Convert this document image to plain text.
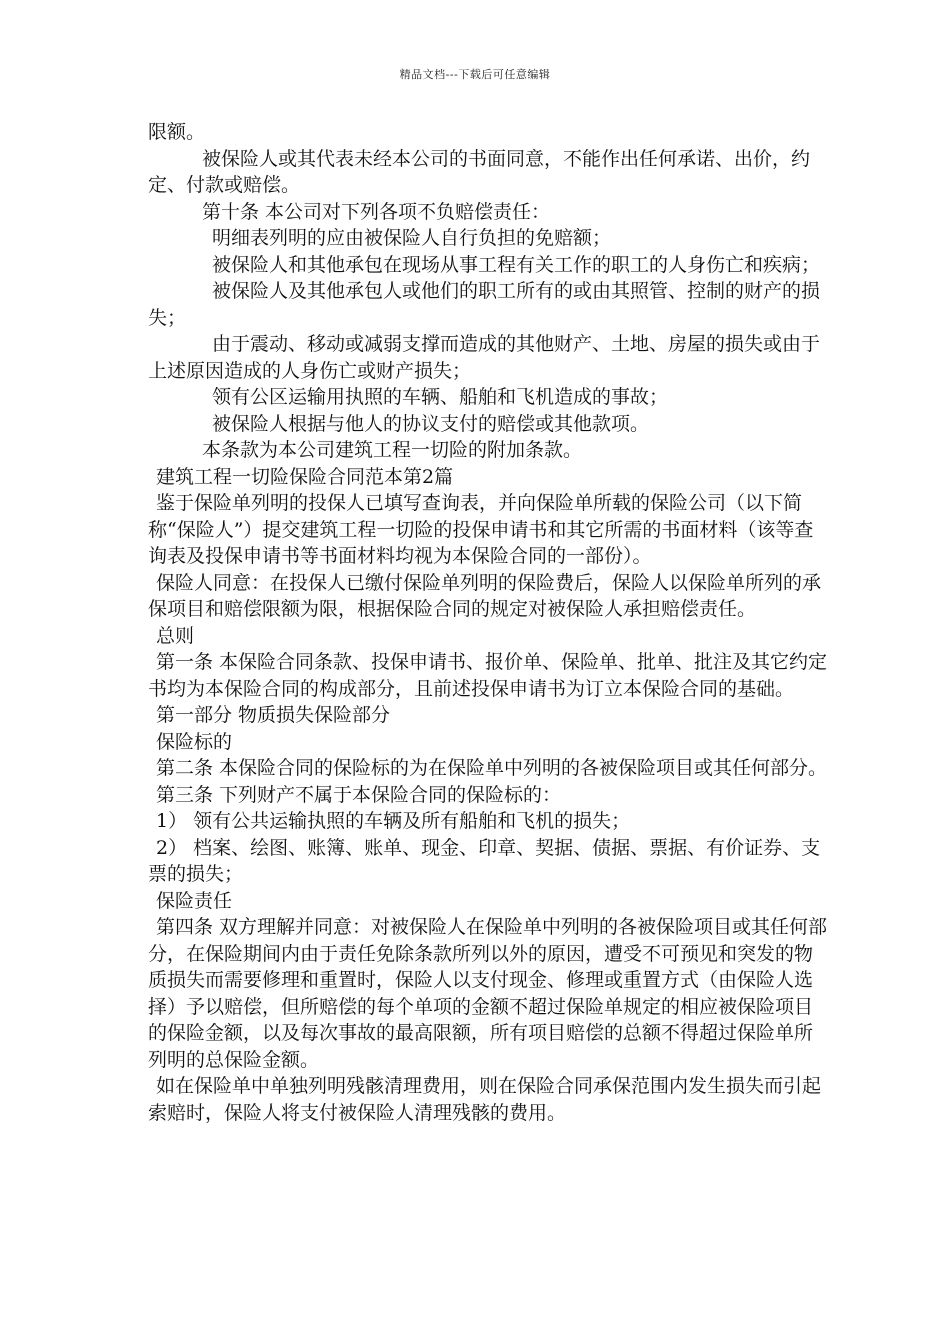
精品文档---下载后可任意编辑

限额。

被保险人或其代表未经本公司的书面同意，不能作出任何承诺、出价，约定、付款或赔偿。

第十条 本公司对下列各项不负赔偿责任：

明细表列明的应由被保险人自行负担的免赔额；

被保险人和其他承包在现场从事工程有关工作的职工的人身伤亡和疾病；

被保险人及其他承包人或他们的职工所有的或由其照管、控制的财产的损失；

由于震动、移动或减弱支撑而造成的其他财产、土地、房屋的损失或由于上述原因造成的人身伤亡或财产损失；

领有公区运输用执照的车辆、船舶和飞机造成的事故；

被保险人根据与他人的协议支付的赔偿或其他款项。

本条款为本公司建筑工程一切险的附加条款。

建筑工程一切险保险合同范本第2篇

鉴于保险单列明的投保人已填写查询表，并向保险单所载的保险公司（以下简称“保险人”）提交建筑工程一切险的投保申请书和其它所需的书面材料（该等查询表及投保申请书等书面材料均视为本保险合同的一部份）。

保险人同意：在投保人已缴付保险单列明的保险费后，保险人以保险单所列的承保项目和赔偿限额为限，根据保险合同的规定对被保险人承担赔偿责任。

总则

第一条 本保险合同条款、投保申请书、报价单、保险单、批单、批注及其它约定书均为本保险合同的构成部分，且前述投保申请书为订立本保险合同的基础。

第一部分 物质损失保险部分

保险标的

第二条 本保险合同的保险标的为在保险单中列明的各被保险项目或其任何部分。

第三条 下列财产不属于本保险合同的保险标的：

1） 领有公共运输执照的车辆及所有船舶和飞机的损失；

2） 档案、绘图、账簿、账单、现金、印章、契据、债据、票据、有价证券、支票的损失；

保险责任

第四条 双方理解并同意：对被保险人在保险单中列明的各被保险项目或其任何部分，在保险期间内由于责任免除条款所列以外的原因，遭受不可预见和突发的物质损失而需要修理和重置时，保险人以支付现金、修理或重置方式（由保险人选择）予以赔偿，但所赔偿的每个单项的金额不超过保险单规定的相应被保险项目的保险金额，以及每次事故的最高限额，所有项目赔偿的总额不得超过保险单所列明的总保险金额。

如在保险单中单独列明残骸清理费用，则在保险合同承保范围内发生损失而引起索赔时，保险人将支付被保险人清理残骸的费用。
